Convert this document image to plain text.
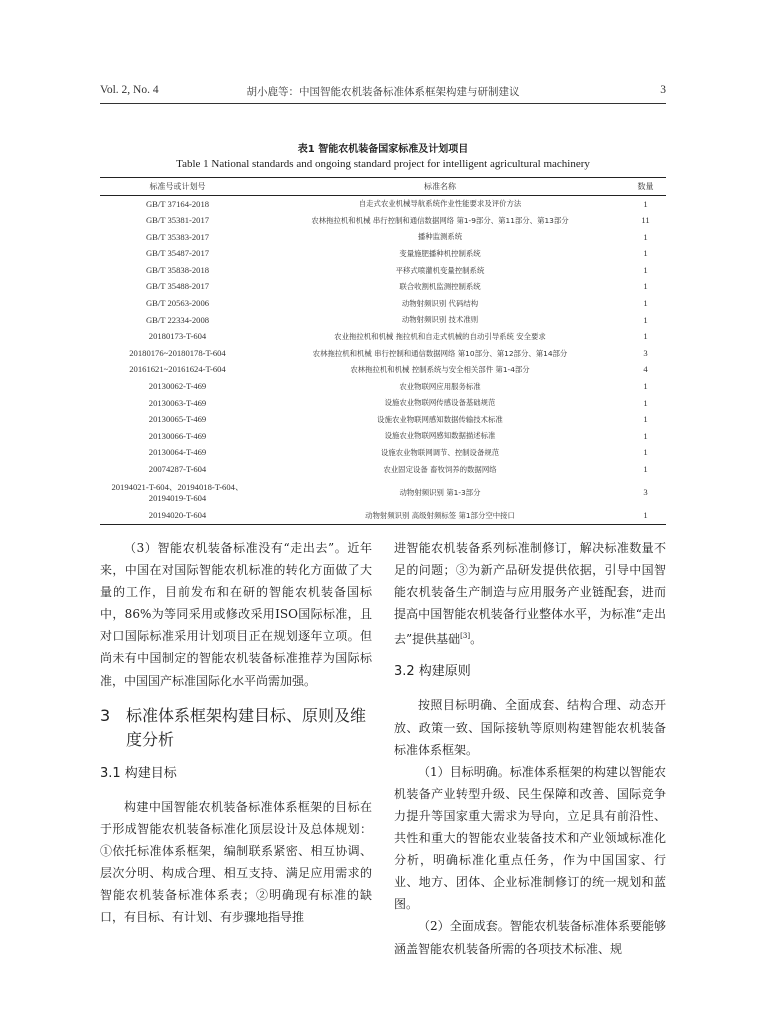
Vol. 2, No. 4	胡小鹿等：中国智能农机装备标准体系框架构建与研制建议	3
表1 智能农机装备国家标准及计划项目
Table 1 National standards and ongoing standard project for intelligent agricultural machinery
标准号或计划号	标准名称	数量
GB/T 37164-2018	自走式农业机械导航系统作业性能要求及评价方法	1
GB/T 35381-2017	农林拖拉机和机械 串行控制和通信数据网络 第1-9部分、第11部分、第13部分	11
GB/T 35383-2017	播种监测系统	1
GB/T 35487-2017	变量施肥播种机控制系统	1
GB/T 35838-2018	平移式喷灌机变量控制系统	1
GB/T 35488-2017	联合收割机监测控制系统	1
GB/T 20563-2006	动物射频识别 代码结构	1
GB/T 22334-2008	动物射频识别 技术准则	1
20180173-T-604	农业拖拉机和机械 拖拉机和自走式机械的自动引导系统 安全要求	1
20180176~20180178-T-604	农林拖拉机和机械 串行控制和通信数据网络 第10部分、第12部分、第14部分	3
20161621~20161624-T-604	农林拖拉机和机械 控制系统与安全相关部件 第1-4部分	4
20130062-T-469	农业物联网应用服务标准	1
20130063-T-469	设施农业物联网传感设备基础规范	1
20130065-T-469	设施农业物联网感知数据传输技术标准	1
20130066-T-469	设施农业物联网感知数据描述标准	1
20130064-T-469	设施农业物联网调节、控制设备规范	1
20074287-T-604	农业固定设备 畜牧饲养的数据网络	1
20194021-T-604、20194018-T-604、20194019-T-604	动物射频识别 第1-3部分	3
20194020-T-604	动物射频识别 高级射频标签 第1部分空中接口	1

（3）智能农机装备标准没有“走出去”。近年来，中国在对国际智能农机标准的转化方面做了大量的工作，目前发布和在研的智能农机装备国标中，86%为等同采用或修改采用ISO国际标准，且对口国际标准采用计划项目正在规划逐年立项。但尚未有中国制定的智能农机装备标准推荐为国际标准，中国国产标准国际化水平尚需加强。

3 标准体系框架构建目标、原则及维度分析
3.1 构建目标

构建中国智能农机装备标准体系框架的目标在于形成智能农机装备标准化顶层设计及总体规划：①依托标准体系框架，编制联系紧密、相互协调、层次分明、构成合理、相互支持、满足应用需求的智能农机装备标准体系表；②明确现有标准的缺口，有目标、有计划、有步骤地指导推

进智能农机装备系列标准制修订，解决标准数量不足的问题；③为新产品研发提供依据，引导中国智能农机装备生产制造与应用服务产业链配套，进而提高中国智能农机装备行业整体水平，为标准“走出去”提供基础[3]。

3.2 构建原则

按照目标明确、全面成套、结构合理、动态开放、政策一致、国际接轨等原则构建智能农机装备标准体系框架。

（1）目标明确。标准体系框架的构建以智能农机装备产业转型升级、民生保障和改善、国际竞争力提升等国家重大需求为导向，立足具有前沿性、共性和重大的智能农业装备技术和产业领域标准化分析，明确标准化重点任务，作为中国国家、行业、地方、团体、企业标准制修订的统一规划和蓝图。

（2）全面成套。智能农机装备标准体系要能够涵盖智能农机装备所需的各项技术标准、规
